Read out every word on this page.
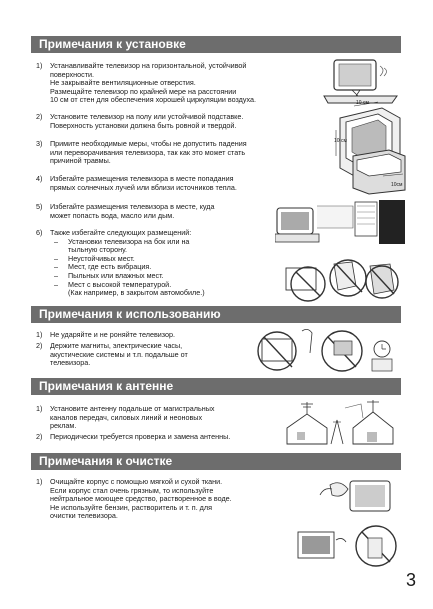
Примечания к установке
1)	Устанавливайте телевизор на горизонтальной, устойчивой
поверхности.
Не закрывайте вентиляционные отверстия.
Размещайте телевизор по крайней мере на расстоянии
10 см от стен для обеспечения хорошей циркуляции воздуха.
2)	Установите телевизор на полу или устойчивой подставке.
Поверхность установки должна быть ровной и твердой.
3)	Примите необходимые меры, чтобы не допустить падения
или переворачивания телевизора, так как это может стать
причиной травмы.
4)	Избегайте размещения телевизора в месте попадания
прямых солнечных лучей или вблизи источников тепла.
5)	Избегайте размещения телевизора в месте, куда
может попасть вода, масло или дым.
6)	Также избегайте следующих размещений:
– Установки телевизора на бок или на
тыльную сторону.
– Неустойчивых мест.
– Мест, где есть вибрация.
– Пыльных или влажных мест.
– Мест с высокой температурой.
(Как например, в закрытом автомобиле.)
10 см
10 см
10см
Примечания к использованию
1)	Не ударяйте и не роняйте телевизор.
2)	Держите магниты, электрические часы,
акустические системы и т.п. подальше от
телевизора.
Примечания к антенне
1)	Установите антенну подальше от магистральных
каналов передач, силовых линий и неоновых
реклам.
2)	Периодически требуется проверка и замена антенны.
Примечания к очистке
1)	Очищайте корпус с помощью мягкой и сухой ткани.
Если корпус стал очень грязным, то используйте
нейтральное моющее средство, растворенное в воде.
Не используйте бензин, растворитель и т. п. для
очистки телевизора.
3
